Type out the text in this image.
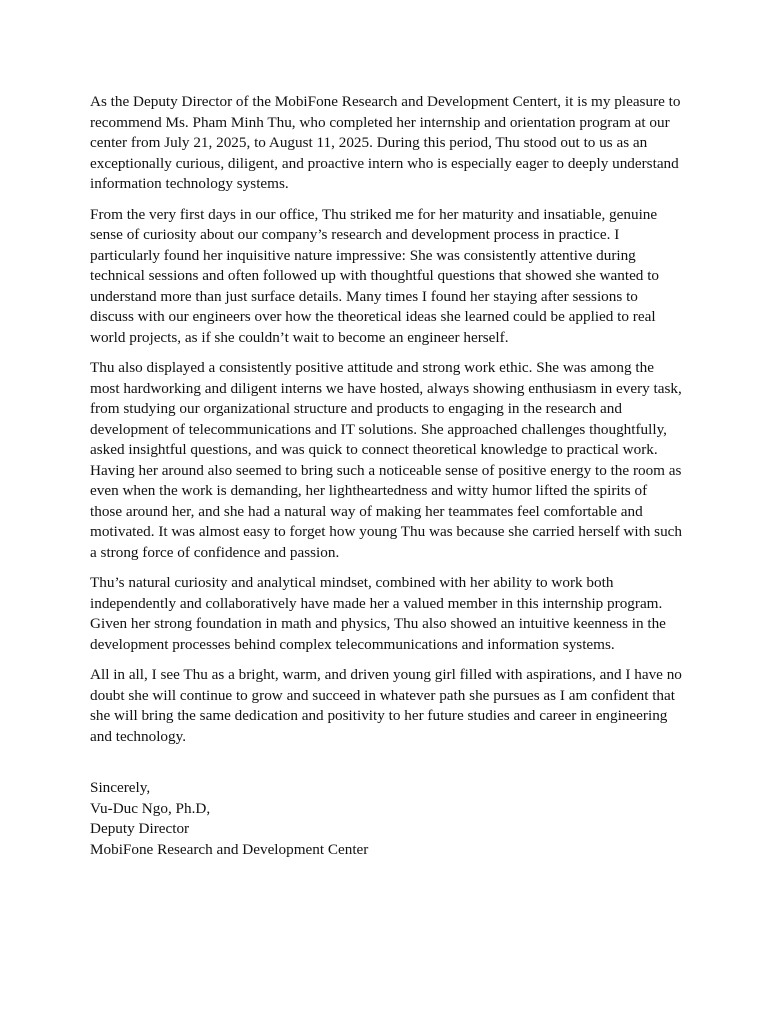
As the Deputy Director of the MobiFone Research and Development Centert, it is my pleasure to recommend Ms. Pham Minh Thu, who completed her internship and orientation program at our center from July 21, 2025, to August 11, 2025. During this period, Thu stood out to us as an exceptionally curious, diligent, and proactive intern who is especially eager to deeply understand information technology systems.

From the very first days in our office, Thu striked me for her maturity and insatiable, genuine sense of curiosity about our company’s research and development process in practice. I particularly found her inquisitive nature impressive: She was consistently attentive during technical sessions and often followed up with thoughtful questions that showed she wanted to understand more than just surface details. Many times I found her staying after sessions to discuss with our engineers over how the theoretical ideas she learned could be applied to real world projects, as if she couldn’t wait to become an engineer herself.

Thu also displayed a consistently positive attitude and strong work ethic. She was among the most hardworking and diligent interns we have hosted, always showing enthusiasm in every task, from studying our organizational structure and products to engaging in the research and development of telecommunications and IT solutions. She approached challenges thoughtfully, asked insightful questions, and was quick to connect theoretical knowledge to practical work. Having her around also seemed to bring such a noticeable sense of positive energy to the room as even when the work is demanding, her lightheartedness and witty humor lifted the spirits of those around her, and she had a natural way of making her teammates feel comfortable and motivated. It was almost easy to forget how young Thu was because she carried herself with such a strong force of confidence and passion.

Thu’s natural curiosity and analytical mindset, combined with her ability to work both independently and collaboratively have made her a valued member in this internship program. Given her strong foundation in math and physics, Thu also showed an intuitive keenness in the development processes behind complex telecommunications and information systems.

All in all, I see Thu as a bright, warm, and driven young girl filled with aspirations, and I have no doubt she will continue to grow and succeed in whatever path she pursues as I am confident that she will bring the same dedication and positivity to her future studies and career in engineering and technology.

Sincerely,
Vu-Duc Ngo, Ph.D,
Deputy Director
MobiFone Research and Development Center
